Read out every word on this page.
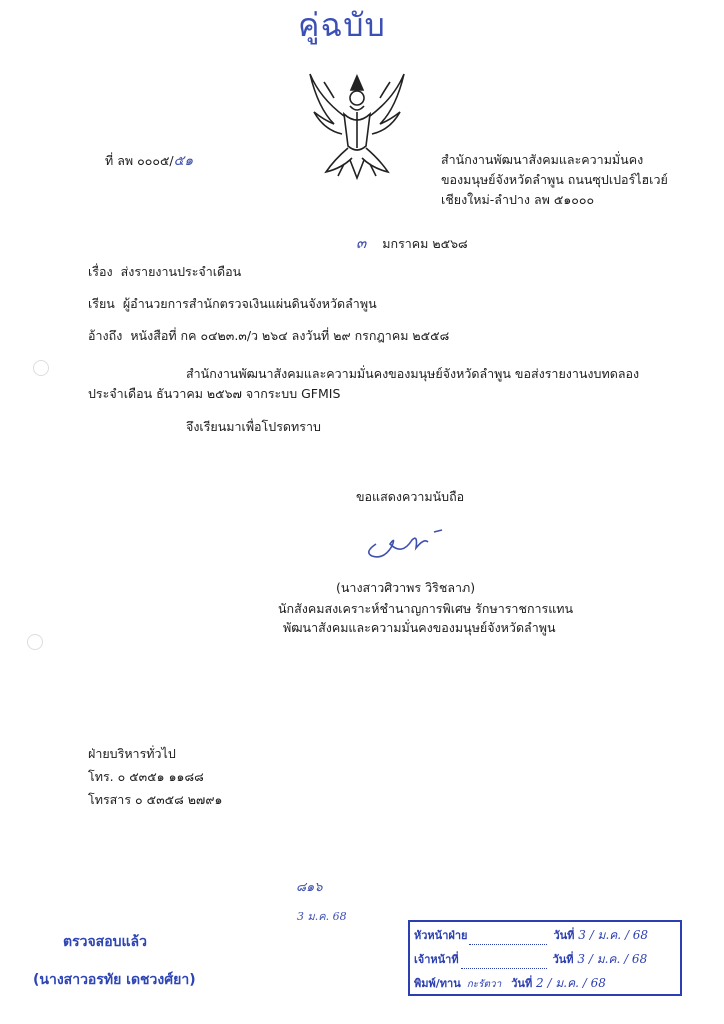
คู่ฉบับ
ที่ ลพ ๐๐๐๕/๕๑	สำนักงานพัฒนาสังคมและความมั่นคง
ของมนุษย์จังหวัดลำพูน ถนนซุปเปอร์ไฮเวย์
เชียงใหม่-ลำปาง ลพ ๕๑๐๐๐
๓ มกราคม ๒๕๖๘
เรื่อง ส่งรายงานประจำเดือน
เรียน ผู้อำนวยการสำนักตรวจเงินแผ่นดินจังหวัดลำพูน
อ้างถึง หนังสือที่ กค ๐๔๒๓.๓/ว ๒๖๔ ลงวันที่ ๒๙ กรกฎาคม ๒๕๕๘
สำนักงานพัฒนาสังคมและความมั่นคงของมนุษย์จังหวัดลำพูน ขอส่งรายงานงบทดลอง
ประจำเดือน ธันวาคม ๒๕๖๗ จากระบบ GFMIS
จึงเรียนมาเพื่อโปรดทราบ
ขอแสดงความนับถือ
(นางสาวศิวาพร วิริชลาภ)
นักสังคมสงเคราะห์ชำนาญการพิเศษ รักษาราชการแทน
พัฒนาสังคมและความมั่นคงของมนุษย์จังหวัดลำพูน
ฝ่ายบริหารทั่วไป
โทร. ๐ ๕๓๕๑ ๑๑๘๘
โทรสาร ๐ ๕๓๕๘ ๒๗๙๑
๘๑๖
3 ม.ค. 68
ตรวจสอบแล้ว
(นางสาวอรทัย เดชวงศ์ยา)
หัวหน้าฝ่าย	วันที่ 3 / ม.ค. / 68
เจ้าหน้าที่	วันที่ 3 / ม.ค. / 68
พิมพ์/ทาน กะรัตวา วันที่ 2 / ม.ค. / 68
